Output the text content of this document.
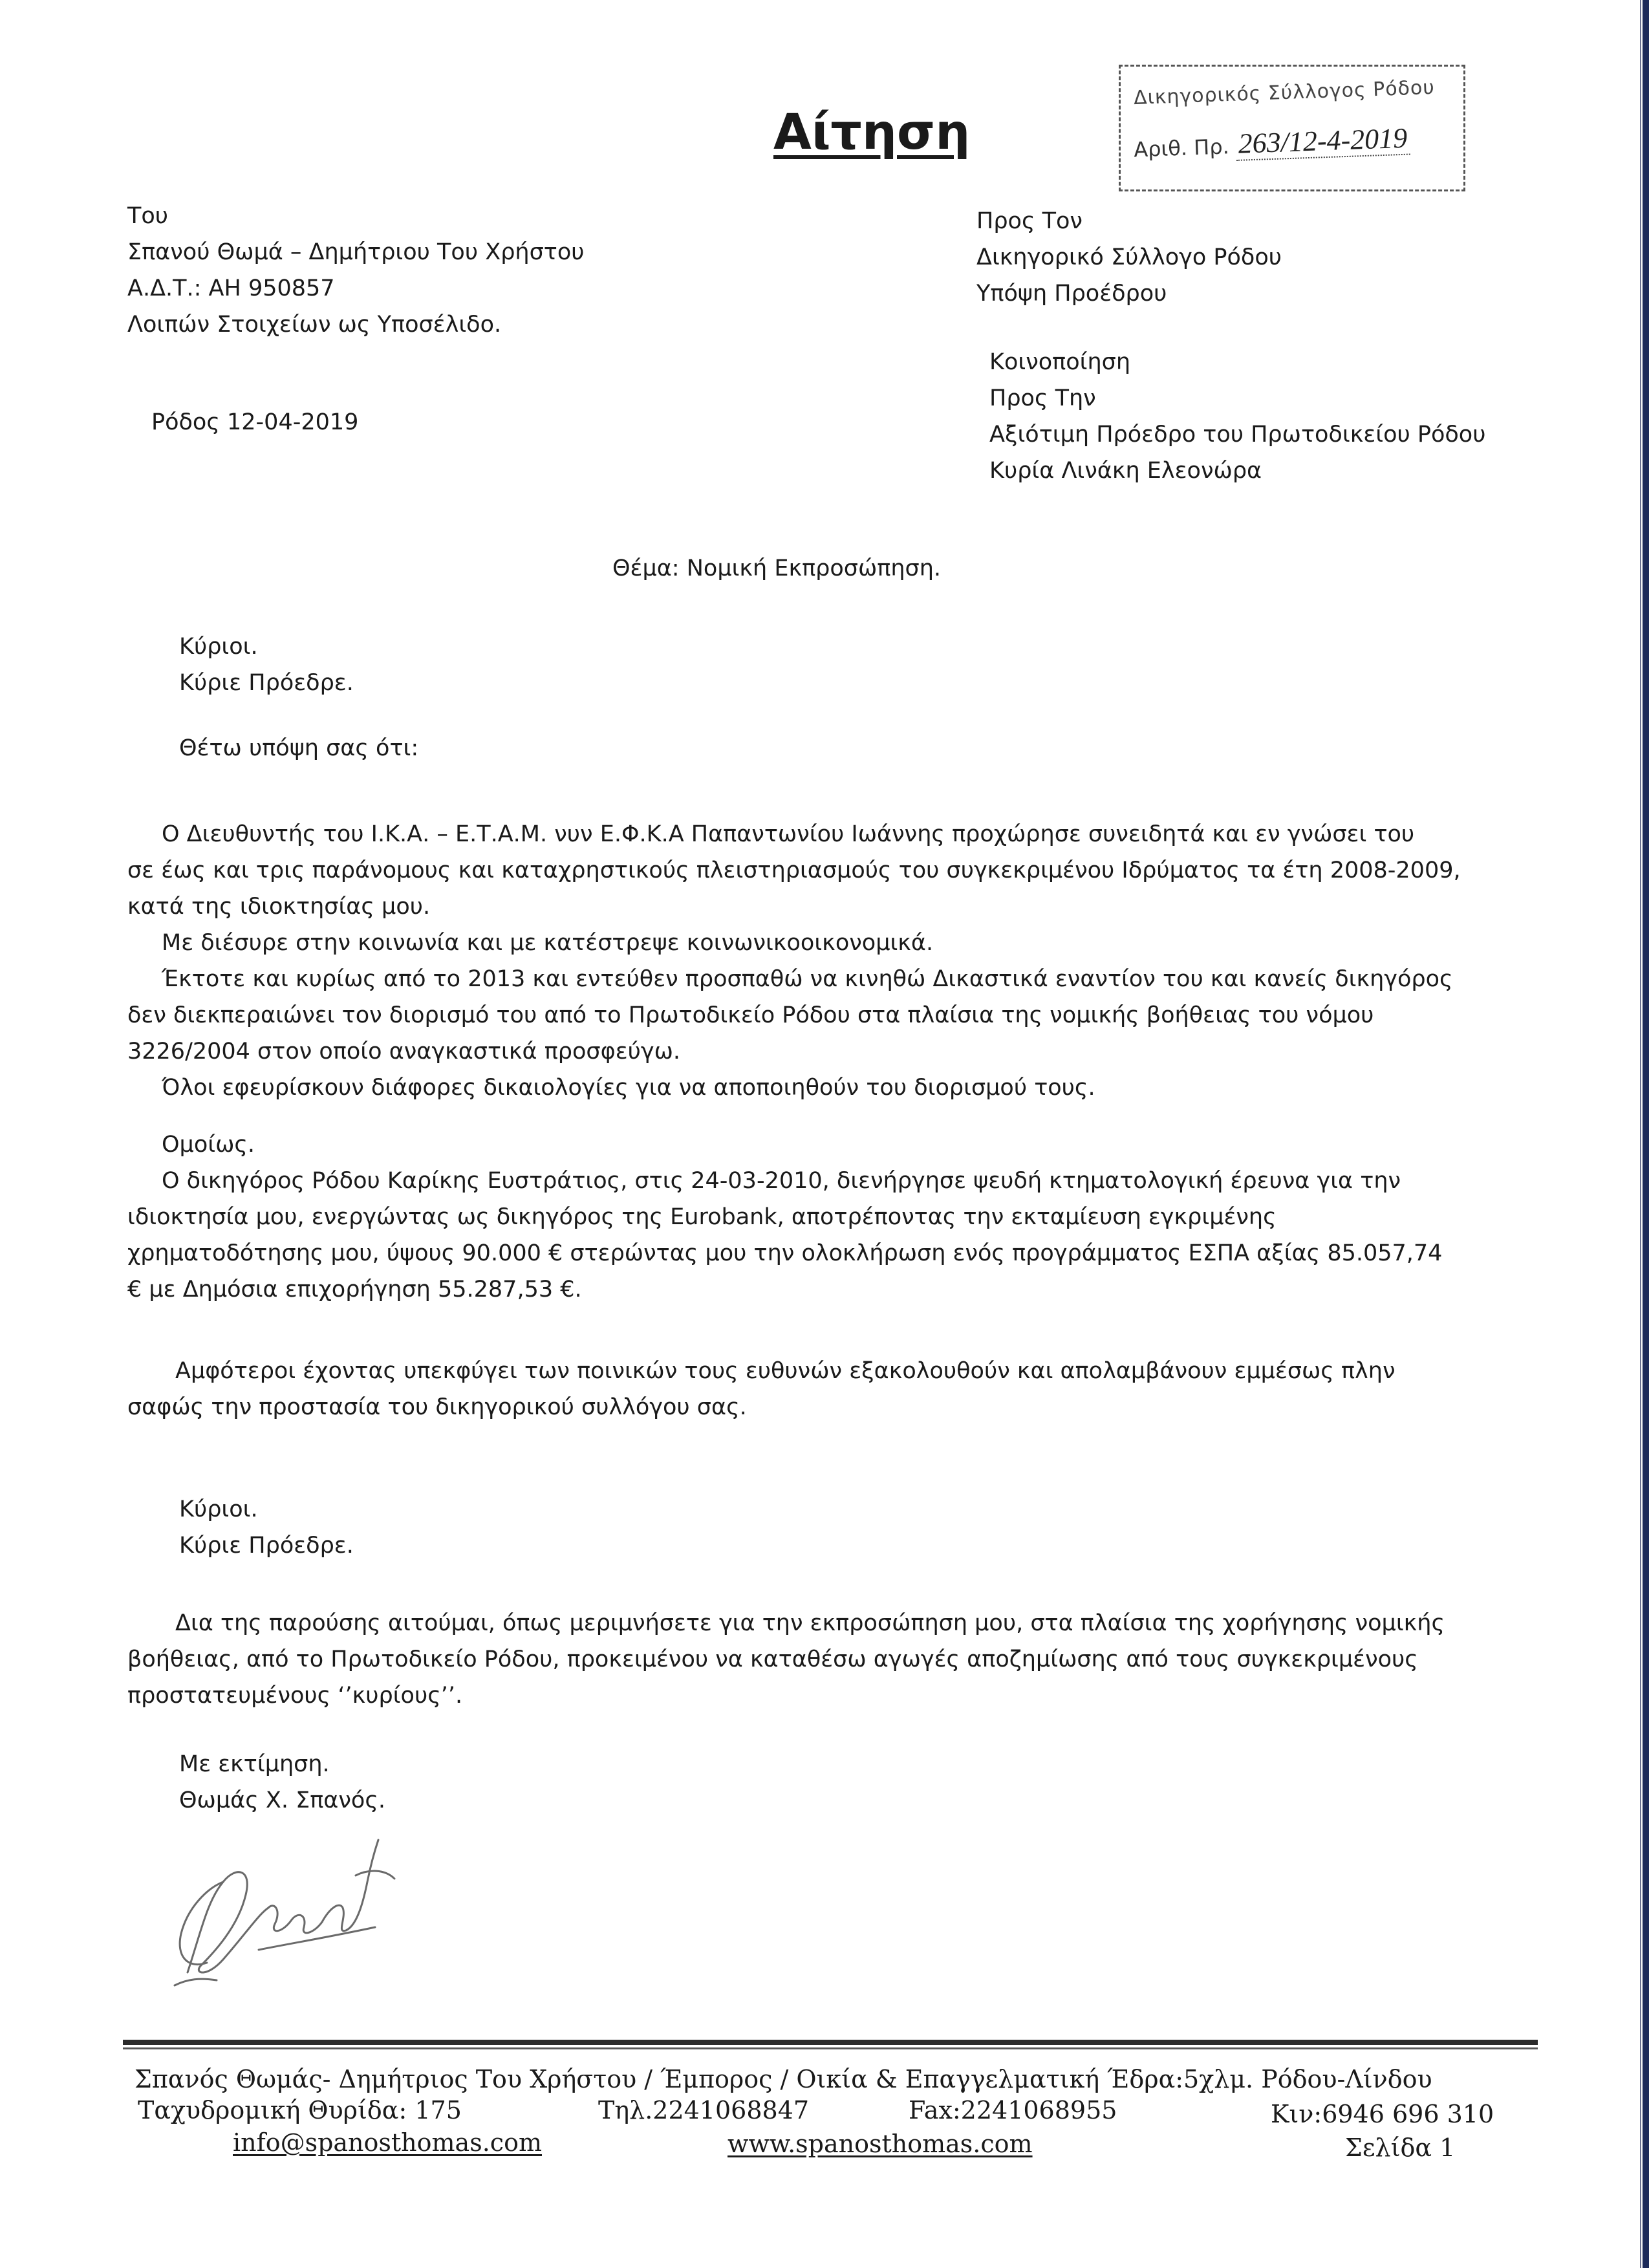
Δικηγορικός Σύλλογος Ρόδου
Αριθ. Πρ. 263/12-4-2019
Αίτηση
Του
Σπανού Θωμά – Δημήτριου Του Χρήστου
Α.Δ.Τ.: ΑΗ 950857
Λοιπών Στοιχείων ως Υποσέλιδο.
Ρόδος 12-04-2019
Προς Τον
Δικηγορικό Σύλλογο Ρόδου
Υπόψη Προέδρου
Κοινοποίηση
Προς Την
Αξιότιμη Πρόεδρο του Πρωτοδικείου Ρόδου
Κυρία Λινάκη Ελεονώρα
Θέμα: Νομική Εκπροσώπηση.
Κύριοι.
Κύριε Πρόεδρε.
Θέτω υπόψη σας ότι:
Ο Διευθυντής του Ι.Κ.Α. – Ε.Τ.Α.Μ. νυν Ε.Φ.Κ.Α Παπαντωνίου Ιωάννης προχώρησε συνειδητά και εν γνώσει του
σε έως και τρις παράνομους και καταχρηστικούς πλειστηριασμούς του συγκεκριμένου Ιδρύματος τα έτη 2008-2009,
κατά της ιδιοκτησίας μου.
Με διέσυρε στην κοινωνία και με κατέστρεψε κοινωνικοοικονομικά.
Έκτοτε και κυρίως από το 2013 και εντεύθεν προσπαθώ να κινηθώ Δικαστικά εναντίον του και κανείς δικηγόρος
δεν διεκπεραιώνει τον διορισμό του από το Πρωτοδικείο Ρόδου στα πλαίσια της νομικής βοήθειας του νόμου
3226/2004 στον οποίο αναγκαστικά προσφεύγω.
Όλοι εφευρίσκουν διάφορες δικαιολογίες για να αποποιηθούν του διορισμού τους.
Ομοίως.
Ο δικηγόρος Ρόδου Καρίκης Ευστράτιος, στις 24-03-2010, διενήργησε ψευδή κτηματολογική έρευνα για την
ιδιοκτησία μου, ενεργώντας ως δικηγόρος της Eurobank, αποτρέποντας την εκταμίευση εγκριμένης
χρηματοδότησης μου, ύψους 90.000 € στερώντας μου την ολοκλήρωση ενός προγράμματος ΕΣΠΑ αξίας 85.057,74
€ με Δημόσια επιχορήγηση 55.287,53 €.
Αμφότεροι έχοντας υπεκφύγει των ποινικών τους ευθυνών εξακολουθούν και απολαμβάνουν εμμέσως πλην
σαφώς την προστασία του δικηγορικού συλλόγου σας.
Κύριοι.
Κύριε Πρόεδρε.
Δια της παρούσης αιτούμαι, όπως μεριμνήσετε για την εκπροσώπηση μου, στα πλαίσια της χορήγησης νομικής
βοήθειας, από το Πρωτοδικείο Ρόδου, προκειμένου να καταθέσω αγωγές αποζημίωσης από τους συγκεκριμένους
προστατευμένους ‘’κυρίους’’.
Με εκτίμηση.
Θωμάς Χ. Σπανός.
Σπανός Θωμάς- Δημήτριος Του Χρήστου / Έμπορος / Οικία & Επαγγελματική Έδρα:5χλμ. Ρόδου-Λίνδου
Ταχυδρομική Θυρίδα: 175	Τηλ.2241068847	Fax:2241068955	Κιν:6946 696 310
info@spanosthomas.com	www.spanosthomas.com	Σελίδα 1
